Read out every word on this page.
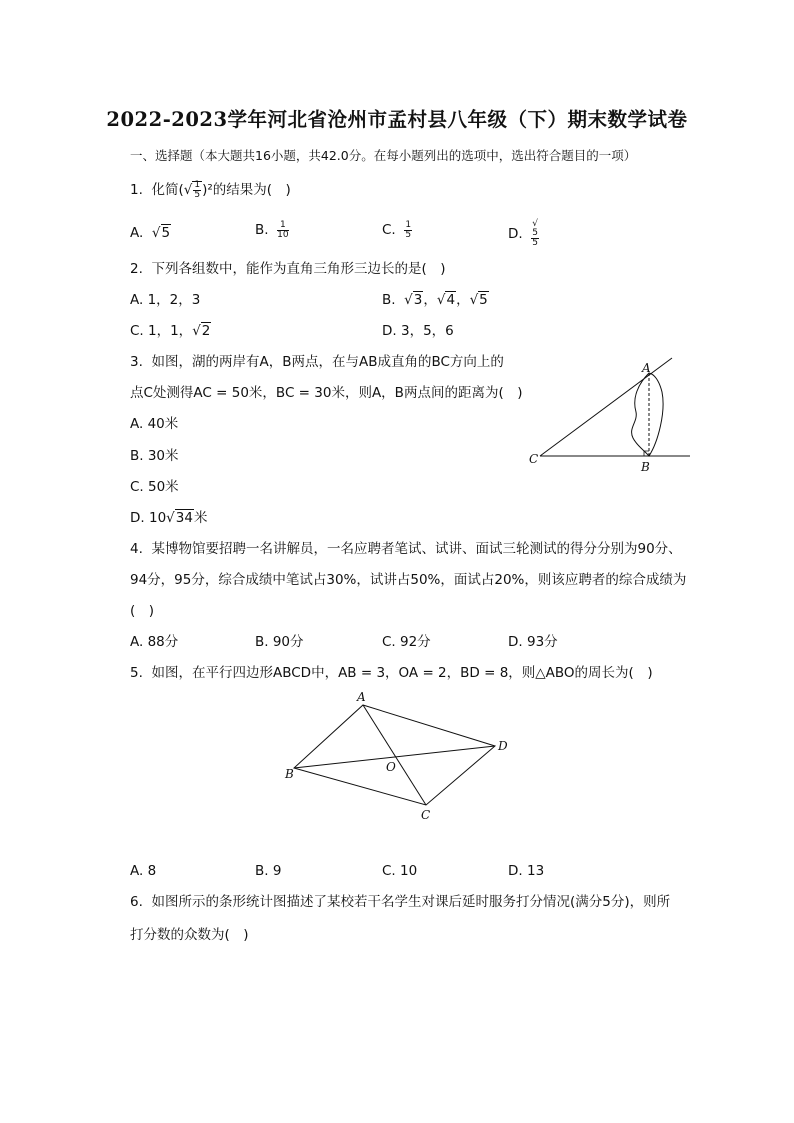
2022-2023学年河北省沧州市孟村县八年级（下）期末数学试卷
一、选择题（本大题共16小题，共42.0分。在每小题列出的选项中，选出符合题目的一项）
1. 化简(√ $\frac{1}{5} )^2$的结果为(　)
A. √5	B. $\frac{1}{10}$	C. $\frac{1}{5}$	D. √
5
5
2. 下列各组数中，能作为直角三角形三边长的是(　)
A. 1，2，3	B. √3，√4，√5
C. 1，1，√2	D. 3，5，6
3. 如图，湖的两岸有A，B两点，在与AB成直角的BC方向上的
点C处测得AC = 50米，BC = 30米，则A，B两点间的距离为(　)
A. 40米
B. 30米
C. 50米
D. 10√34米
A
B
C
4. 某博物馆要招聘一名讲解员，一名应聘者笔试、试讲、面试三轮测试的得分分别为90分、
94分，95分，综合成绩中笔试占30%，试讲占50%，面试占20%，则该应聘者的综合成绩为
(　)
A. 88分	B. 90分	C. 92分	D. 93分
5. 如图，在平行四边形ABCD中，AB = 3，OA = 2，BD = 8，则△ABO的周长为(　)
A
B
C
D
O
A. 8	B. 9	C. 10	D. 13
6. 如图所示的条形统计图描述了某校若干名学生对课后延时服务打分情况(满分5分)，则所
打分数的众数为(　)
